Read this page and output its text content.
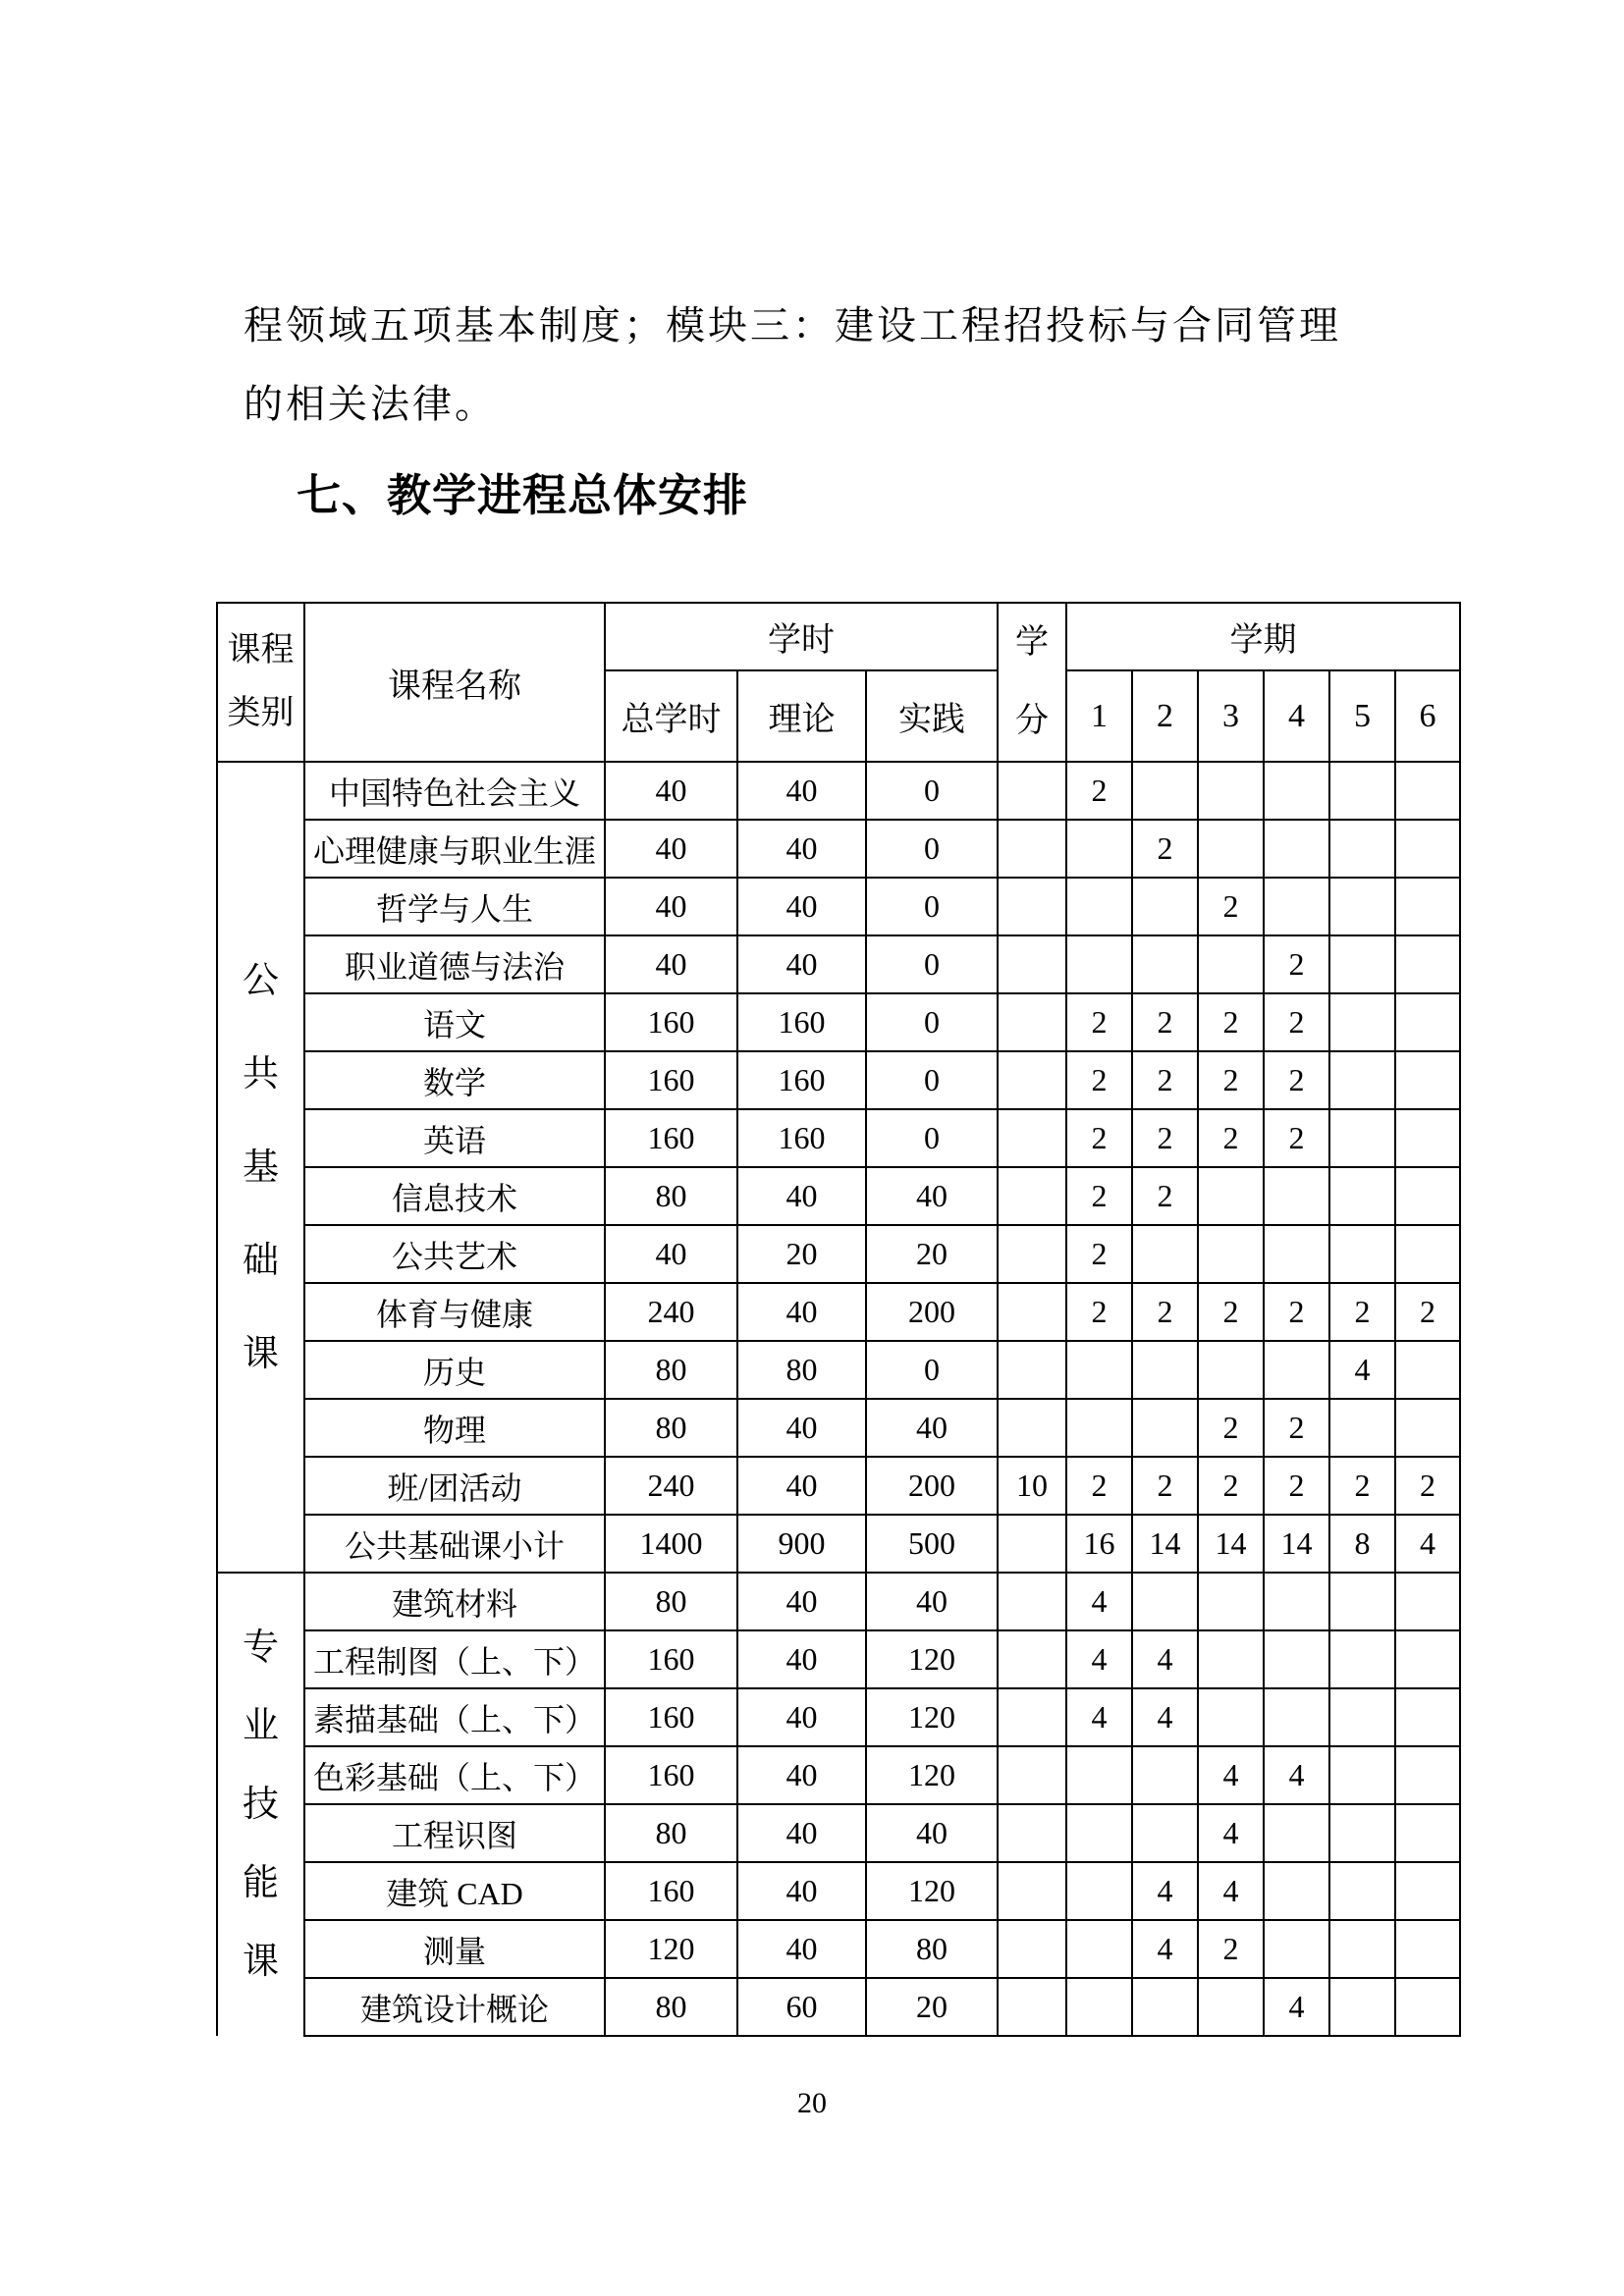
程领域五项基本制度；模块三：建设工程招投标与合同管理
的相关法律。
七、教学进程总体安排
课程类别	课程名称	学时			学分	学期					
		总学时	理论	实践		1	2	3	4	5	6

公共基础课	中国特色社会主义	40	40	0		2					
	心理健康与职业生涯	40	40	0			2				
	哲学与人生	40	40	0				2			
	职业道德与法治	40	40	0					2		
	语文	160	160	0		2	2	2	2		
	数学	160	160	0		2	2	2	2		
	英语	160	160	0		2	2	2	2		
	信息技术	80	40	40		2	2				
	公共艺术	40	20	20		2					
	体育与健康	240	40	200		2	2	2	2	2	2
	历史	80	80	0						4	
	物理	80	40	40				2	2		
	班/团活动	240	40	200	10	2	2	2	2	2	2
	公共基础课小计	1400	900	500		16	14	14	14	8	4

专业技能课	建筑材料	80	40	40		4					
	工程制图（上、下）	160	40	120		4	4				
	素描基础（上、下）	160	40	120		4	4				
	色彩基础（上、下）	160	40	120				4	4		
	工程识图	80	40	40				4			
	建筑 CAD	160	40	120			4	4			
	测量	120	40	80			4	2			
	建筑设计概论	80	60	20					4		
20
